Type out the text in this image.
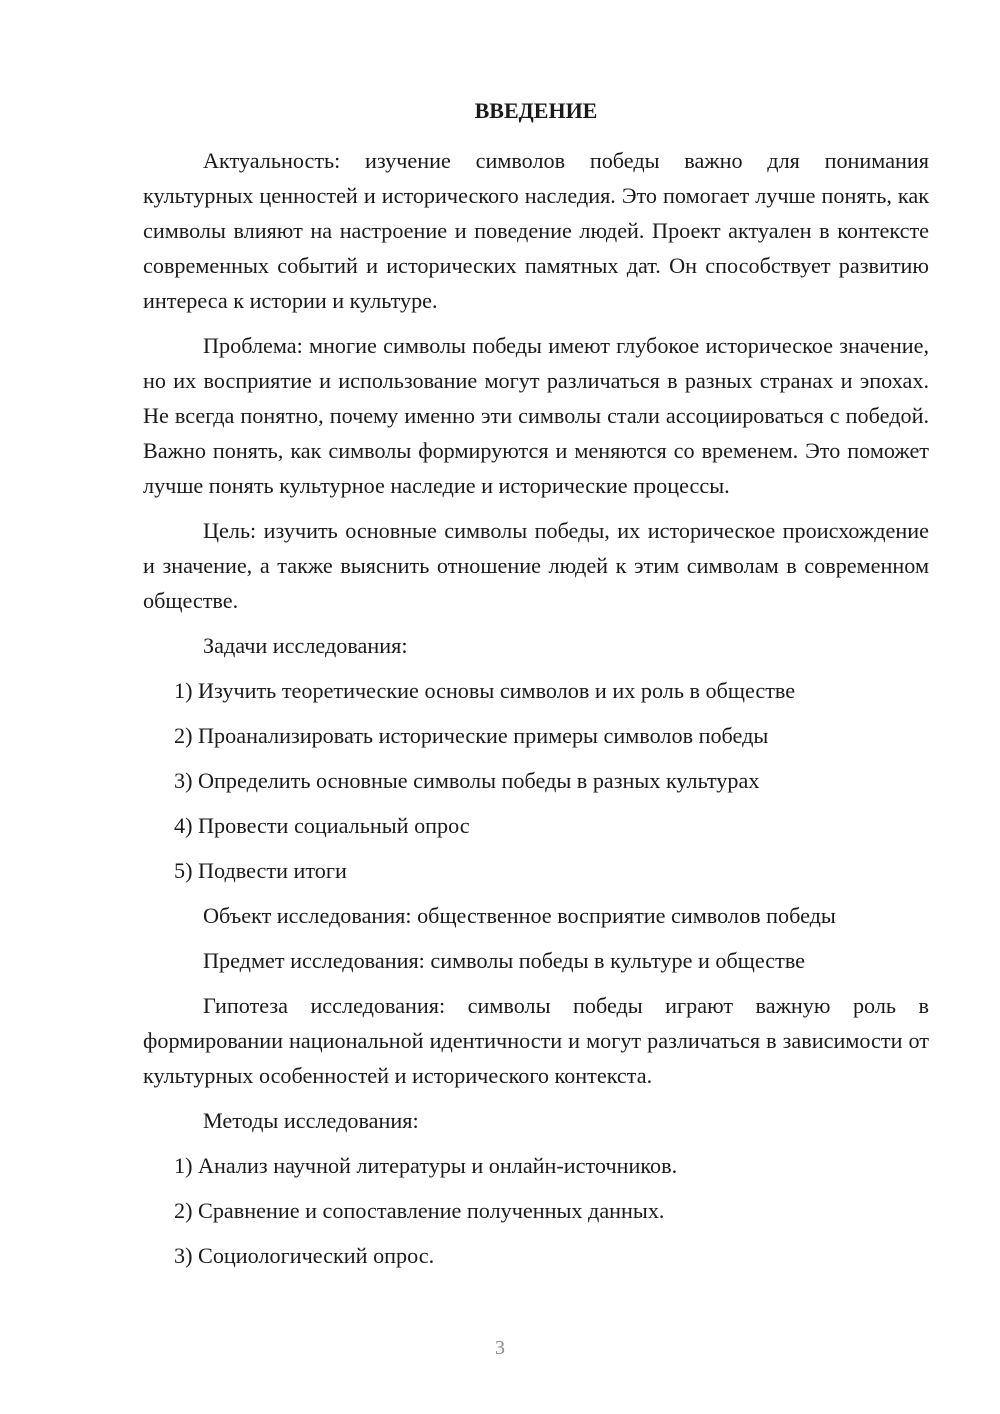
ВВЕДЕНИЕ

Актуальность: изучение символов победы важно для понимания культурных ценностей и исторического наследия. Это помогает лучше понять, как символы влияют на настроение и поведение людей. Проект актуален в контексте современных событий и исторических памятных дат. Он способствует развитию интереса к истории и культуре.

Проблема: многие символы победы имеют глубокое историческое значение, но их восприятие и использование могут различаться в разных странах и эпохах. Не всегда понятно, почему именно эти символы стали ассоциироваться с победой. Важно понять, как символы формируются и меняются со временем. Это поможет лучше понять культурное наследие и исторические процессы.

Цель: изучить основные символы победы, их историческое происхождение и значение, а также выяснить отношение людей к этим символам в современном обществе.

Задачи исследования:

1) Изучить теоретические основы символов и их роль в обществе

2) Проанализировать исторические примеры символов победы

3) Определить основные символы победы в разных культурах

4) Провести социальный опрос

5) Подвести итоги

Объект исследования: общественное восприятие символов победы

Предмет исследования: символы победы в культуре и обществе

Гипотеза исследования: символы победы играют важную роль в формировании национальной идентичности и могут различаться в зависимости от культурных особенностей и исторического контекста.

Методы исследования:

1) Анализ научной литературы и онлайн-источников.

2) Сравнение и сопоставление полученных данных.

3) Социологический опрос.

3
